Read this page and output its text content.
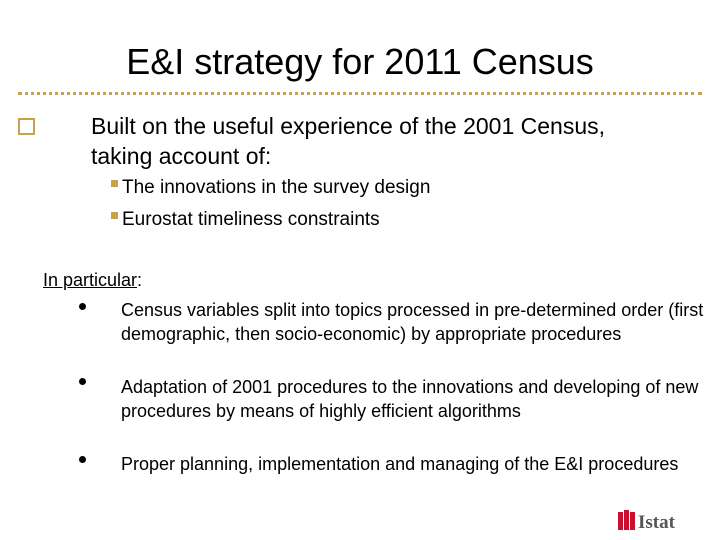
E&I strategy for 2011 Census
Built on the useful experience of the 2001 Census, taking account of:
The innovations in the survey design
Eurostat timeliness constraints
In particular:
Census variables split into topics processed in pre-determined order (first demographic, then socio-economic) by appropriate procedures
Adaptation of 2001 procedures to the innovations and developing of new procedures by means of highly efficient algorithms
Proper planning, implementation and managing of the E&I procedures
Istat
